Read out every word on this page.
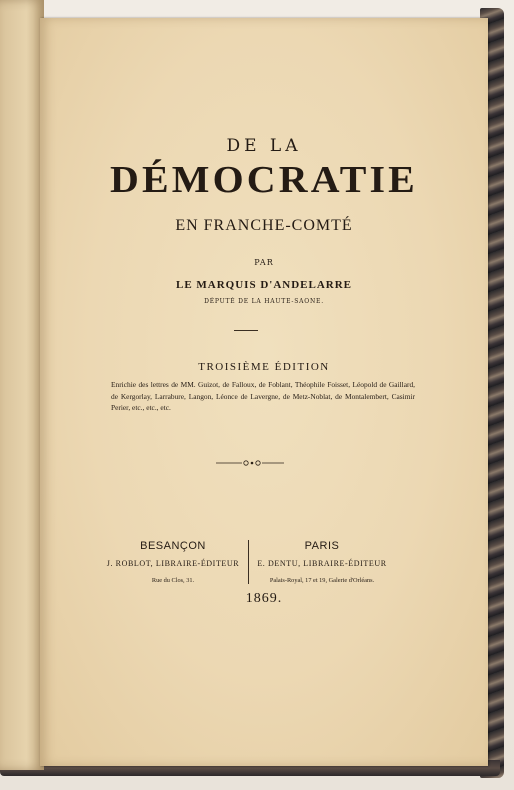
DE LA
DÉMOCRATIE
EN FRANCHE-COMTÉ
PAR
LE MARQUIS D'ANDELARRE
DÉPUTÉ DE LA HAUTE-SAONE.
TROISIÈME ÉDITION
Enrichie des lettres de MM. Guizot, de Falloux, de Foblant, Théophile Foisset, Léopold de Gaillard, de Kergorlay, Larrabure, Langon, Léonce de Lavergne, de Metz-Noblat, de Montalembert, Casimir Perier, etc., etc., etc.
BESANÇON
J. ROBLOT, LIBRAIRE-ÉDITEUR
Rue du Clos, 31.
PARIS
E. DENTU, LIBRAIRE-ÉDITEUR
Palais-Royal, 17 et 19, Galerie d'Orléans.
1869.
